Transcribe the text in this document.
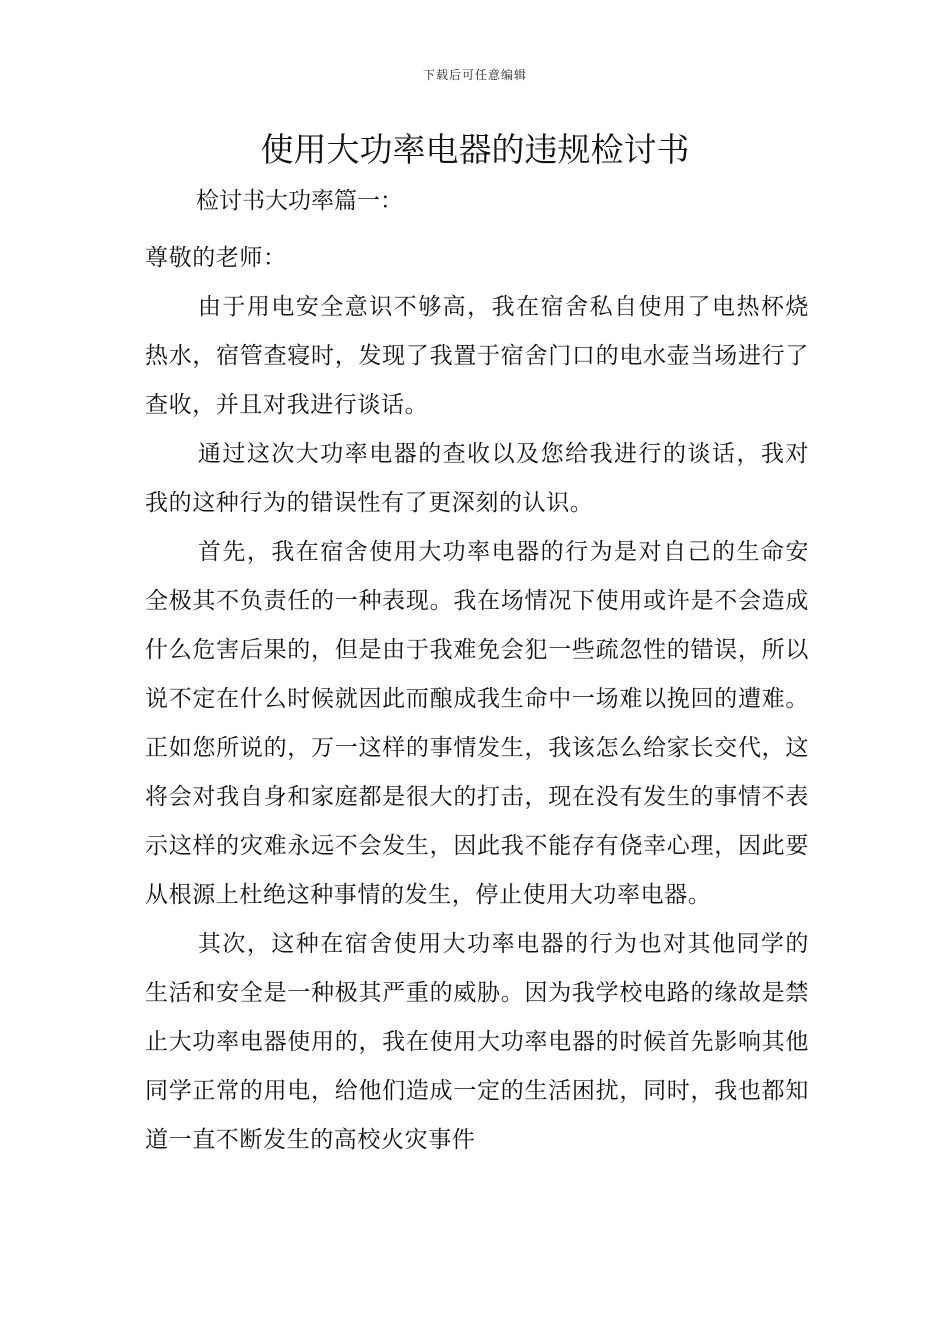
下载后可任意编辑
使用大功率电器的违规检讨书

检讨书大功率篇一：

尊敬的老师：

由于用电安全意识不够高，我在宿舍私自使用了电热杯烧热水，宿管查寝时，发现了我置于宿舍门口的电水壶当场进行了查收，并且对我进行谈话。

通过这次大功率电器的查收以及您给我进行的谈话，我对我的这种行为的错误性有了更深刻的认识。

首先，我在宿舍使用大功率电器的行为是对自己的生命安全极其不负责任的一种表现。我在场情况下使用或许是不会造成什么危害后果的，但是由于我难免会犯一些疏忽性的错误，所以说不定在什么时候就因此而酿成我生命中一场难以挽回的遭难。正如您所说的，万一这样的事情发生，我该怎么给家长交代，这将会对我自身和家庭都是很大的打击，现在没有发生的事情不表示这样的灾难永远不会发生，因此我不能存有侥幸心理，因此要从根源上杜绝这种事情的发生，停止使用大功率电器。

其次，这种在宿舍使用大功率电器的行为也对其他同学的生活和安全是一种极其严重的威胁。因为我学校电路的缘故是禁止大功率电器使用的，我在使用大功率电器的时候首先影响其他同学正常的用电，给他们造成一定的生活困扰，同时，我也都知道一直不断发生的高校火灾事件
